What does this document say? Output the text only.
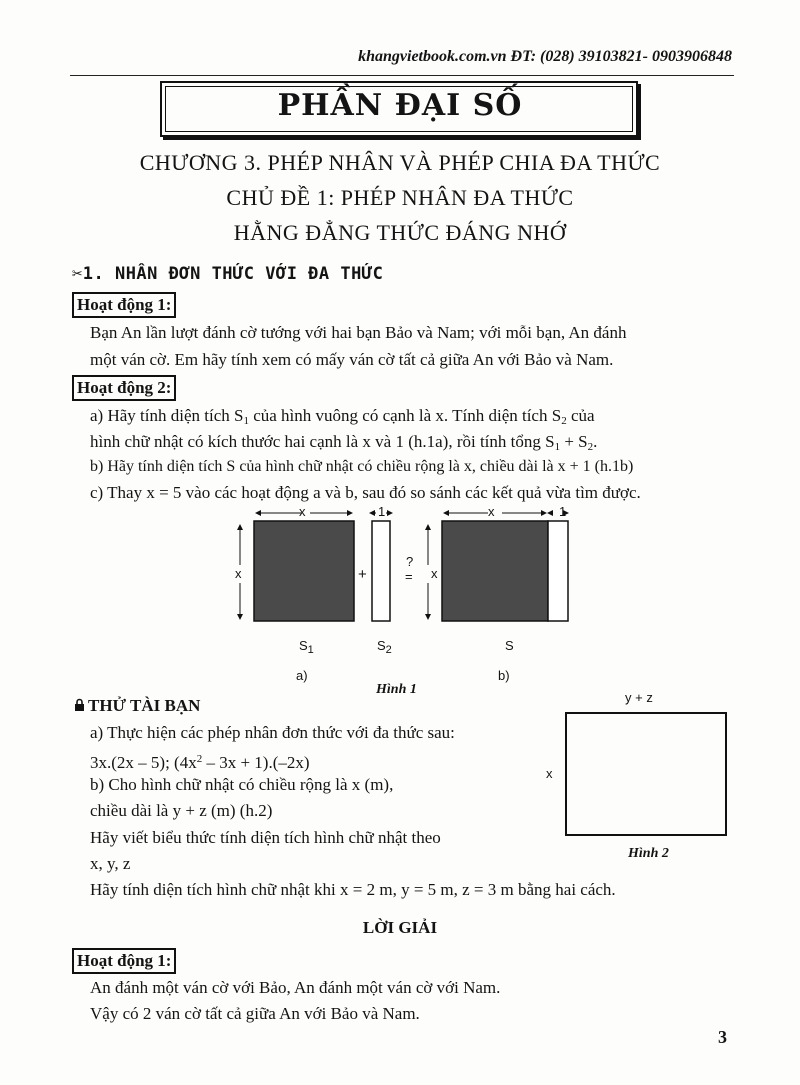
khangvietbook.com.vn ĐT: (028) 39103821- 0903906848
PHẦN ĐẠI SỐ
CHƯƠNG 3. PHÉP NHÂN VÀ PHÉP CHIA ĐA THỨC
CHỦ ĐỀ 1: PHÉP NHÂN ĐA THỨC
HẰNG ĐẲNG THỨC ĐÁNG NHỚ
✂1. NHÂN ĐƠN THỨC VỚI ĐA THỨC
Hoạt động 1:
Bạn An lần lượt đánh cờ tướng với hai bạn Bảo và Nam; với mỗi bạn, An đánh
một ván cờ. Em hãy tính xem có mấy ván cờ tất cả giữa An với Bảo và Nam.
Hoạt động 2:
a) Hãy tính diện tích $S_1$ của hình vuông có cạnh là x. Tính diện tích $S_2$ của
hình chữ nhật có kích thước hai cạnh là x và 1 (h.1a), rồi tính tổng $S_1 + S_2$.
b) Hãy tính diện tích S của hình chữ nhật có chiều rộng là x, chiều dài là x + 1 (h.1b)
c) Thay x = 5 vào các hoạt động a và b, sau đó so sánh các kết quả vừa tìm được.
x	1	x	1
x	x
+
?
=
$S_1$	$S_2$	S
a)	b)
Hình 1
THỬ TÀI BẠN
a) Thực hiện các phép nhân đơn thức với đa thức sau:
3x.(2x – 5); $(4x^2 - 3x + 1).(-2x)$
b) Cho hình chữ nhật có chiều rộng là x (m),
chiều dài là y + z (m) (h.2)
Hãy viết biểu thức tính diện tích hình chữ nhật theo
x, y, z
Hãy tính diện tích hình chữ nhật khi x = 2 m, y = 5 m, z = 3 m bằng hai cách.
y + z
x
Hình 2
LỜI GIẢI
Hoạt động 1:
An đánh một ván cờ với Bảo, An đánh một ván cờ với Nam.
Vậy có 2 ván cờ tất cả giữa An với Bảo và Nam.
3
